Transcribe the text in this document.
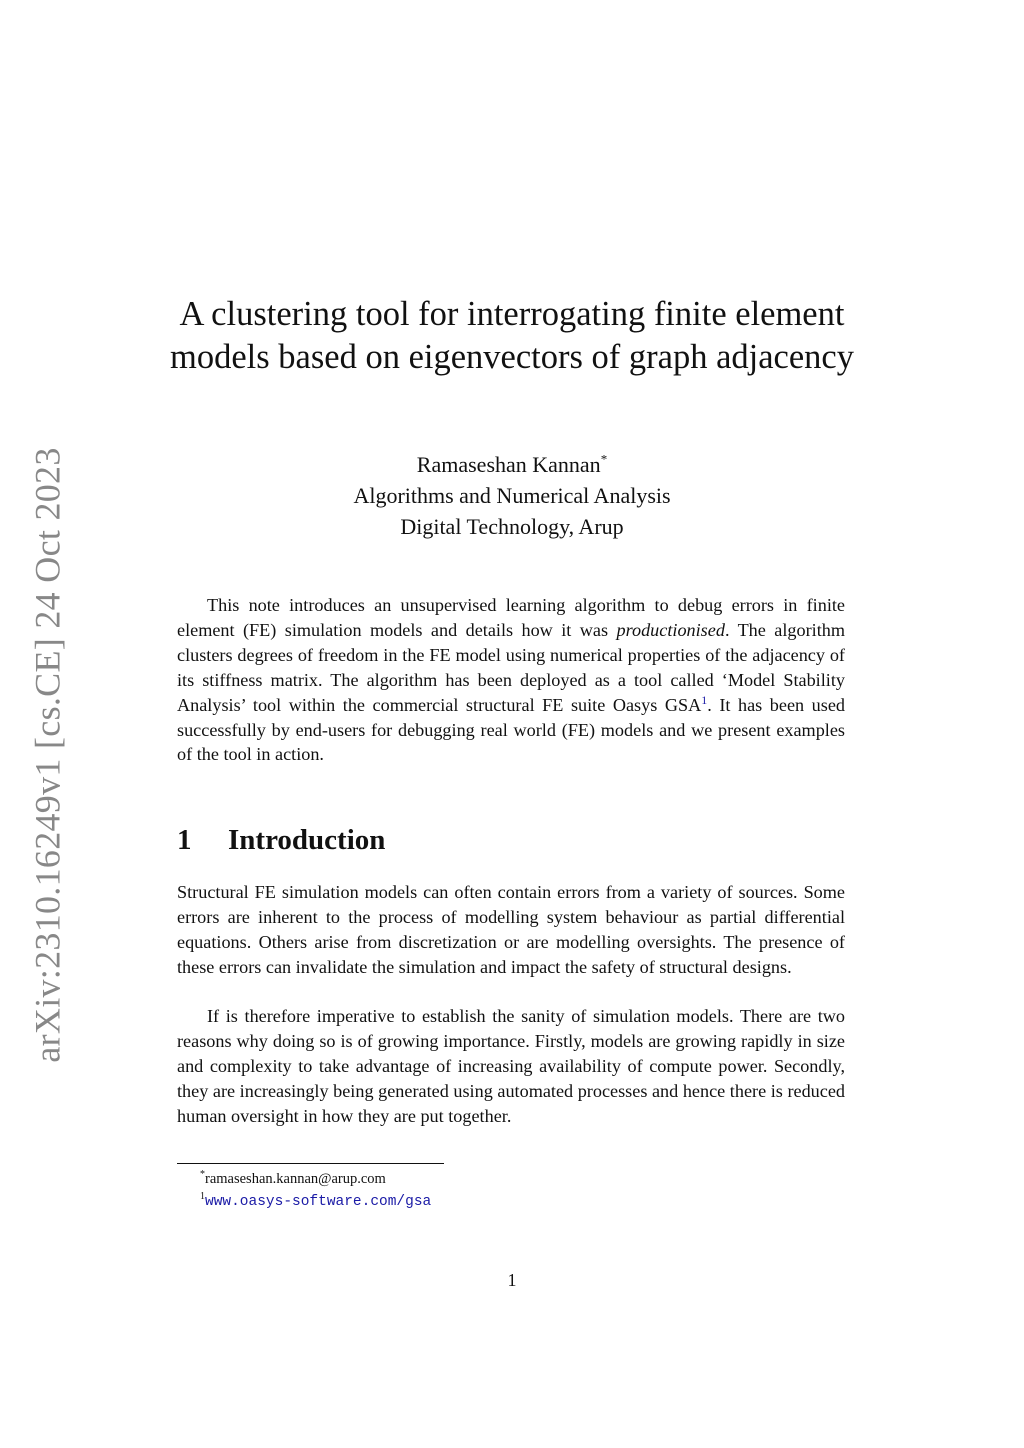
arXiv:2310.16249v1 [cs.CE] 24 Oct 2023
A clustering tool for interrogating finite element models based on eigenvectors of graph adjacency
Ramaseshan Kannan*
Algorithms and Numerical Analysis
Digital Technology, Arup

This note introduces an unsupervised learning algorithm to debug errors in finite element (FE) simulation models and details how it was productionised. The algorithm clusters degrees of freedom in the FE model using numerical properties of the adjacency of its stiffness matrix. The algorithm has been deployed as a tool called ‘Model Stability Analysis’ tool within the commercial structural FE suite Oasys GSA$^1$. It has been used successfully by end-users for debugging real world (FE) models and we present examples of the tool in action.

1 Introduction

Structural FE simulation models can often contain errors from a variety of sources. Some errors are inherent to the process of modelling system behaviour as partial differential equations. Others arise from discretization or are modelling oversights. The presence of these errors can invalidate the simulation and impact the safety of structural designs.

If is therefore imperative to establish the sanity of simulation models. There are two reasons why doing so is of growing importance. Firstly, models are growing rapidly in size and complexity to take advantage of increasing availability of compute power. Secondly, they are increasingly being generated using automated processes and hence there is reduced human oversight in how they are put together.

*ramaseshan.kannan@arup.com
$^1$www.oasys-software.com/gsa
1
